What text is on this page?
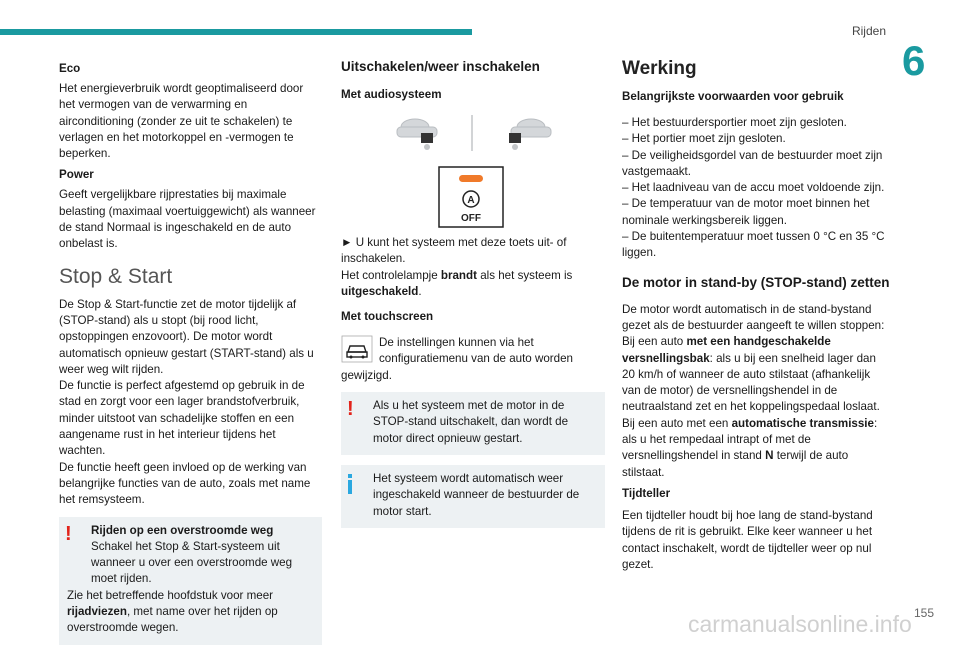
Rijden
6
Eco

Het energieverbruik wordt geoptimaliseerd door het vermogen van de verwarming en airconditioning (zonder ze uit te schakelen) te verlagen en het motorkoppel en -vermogen te beperken.

Power

Geeft vergelijkbare rijprestaties bij maximale belasting (maximaal voertuiggewicht) als wanneer de stand Normaal is ingeschakeld en de auto onbelast is.

Stop & Start

De Stop & Start-functie zet de motor tijdelijk af (STOP-stand) als u stopt (bij rood licht, opstoppingen enzovoort). De motor wordt automatisch opnieuw gestart (START-stand) als u weer weg wilt rijden.

De functie is perfect afgestemd op gebruik in de stad en zorgt voor een lager brandstofverbruik, minder uitstoot van schadelijke stoffen en een aangename rust in het interieur tijdens het wachten.

De functie heeft geen invloed op de werking van belangrijke functies van de auto, zoals met name het remsysteem.

!	Rijden op een overstroomde weg

Schakel het Stop & Start-systeem uit wanneer u over een overstroomde weg moet rijden.

Zie het betreffende hoofdstuk voor meer rijadviezen, met name over het rijden op overstroomde wegen.

Uitschakelen/weer inschakelen
Met audiosysteem
A
OFF

► U kunt het systeem met deze toets uit- of inschakelen.

Het controlelampje brandt als het systeem is uitgeschakeld.

Met touchscreen

De instellingen kunnen via het configuratiemenu van de auto worden gewijzigd.

!	Als u het systeem met de motor in de STOP-stand uitschakelt, dan wordt de motor direct opnieuw gestart.

Het systeem wordt automatisch weer ingeschakeld wanneer de bestuurder de motor start.

Werking
Belangrijkste voorwaarden voor gebruik

– Het bestuurdersportier moet zijn gesloten.

– Het portier moet zijn gesloten.

– De veiligheidsgordel van de bestuurder moet zijn vastgemaakt.

– Het laadniveau van de accu moet voldoende zijn.

– De temperatuur van de motor moet binnen het nominale werkingsbereik liggen.

– De buitentemperatuur moet tussen 0 °C en 35 °C liggen.

De motor in stand-by (STOP-stand) zetten

De motor wordt automatisch in de stand-bystand gezet als de bestuurder aangeeft te willen stoppen:

Bij een auto met een handgeschakelde versnellingsbak: als u bij een snelheid lager dan 20 km/h of wanneer de auto stilstaat (afhankelijk van de motor) de versnellingshendel in de neutraalstand zet en het koppelingspedaal loslaat.

Bij een auto met een automatische transmissie: als u het rempedaal intrapt of met de versnellingshendel in stand N terwijl de auto stilstaat.

Tijdteller

Een tijdteller houdt bij hoe lang de stand-bystand tijdens de rit is gebruikt. Elke keer wanneer u het contact inschakelt, wordt de tijdteller weer op nul gezet.

carmanualsonline.info 155
